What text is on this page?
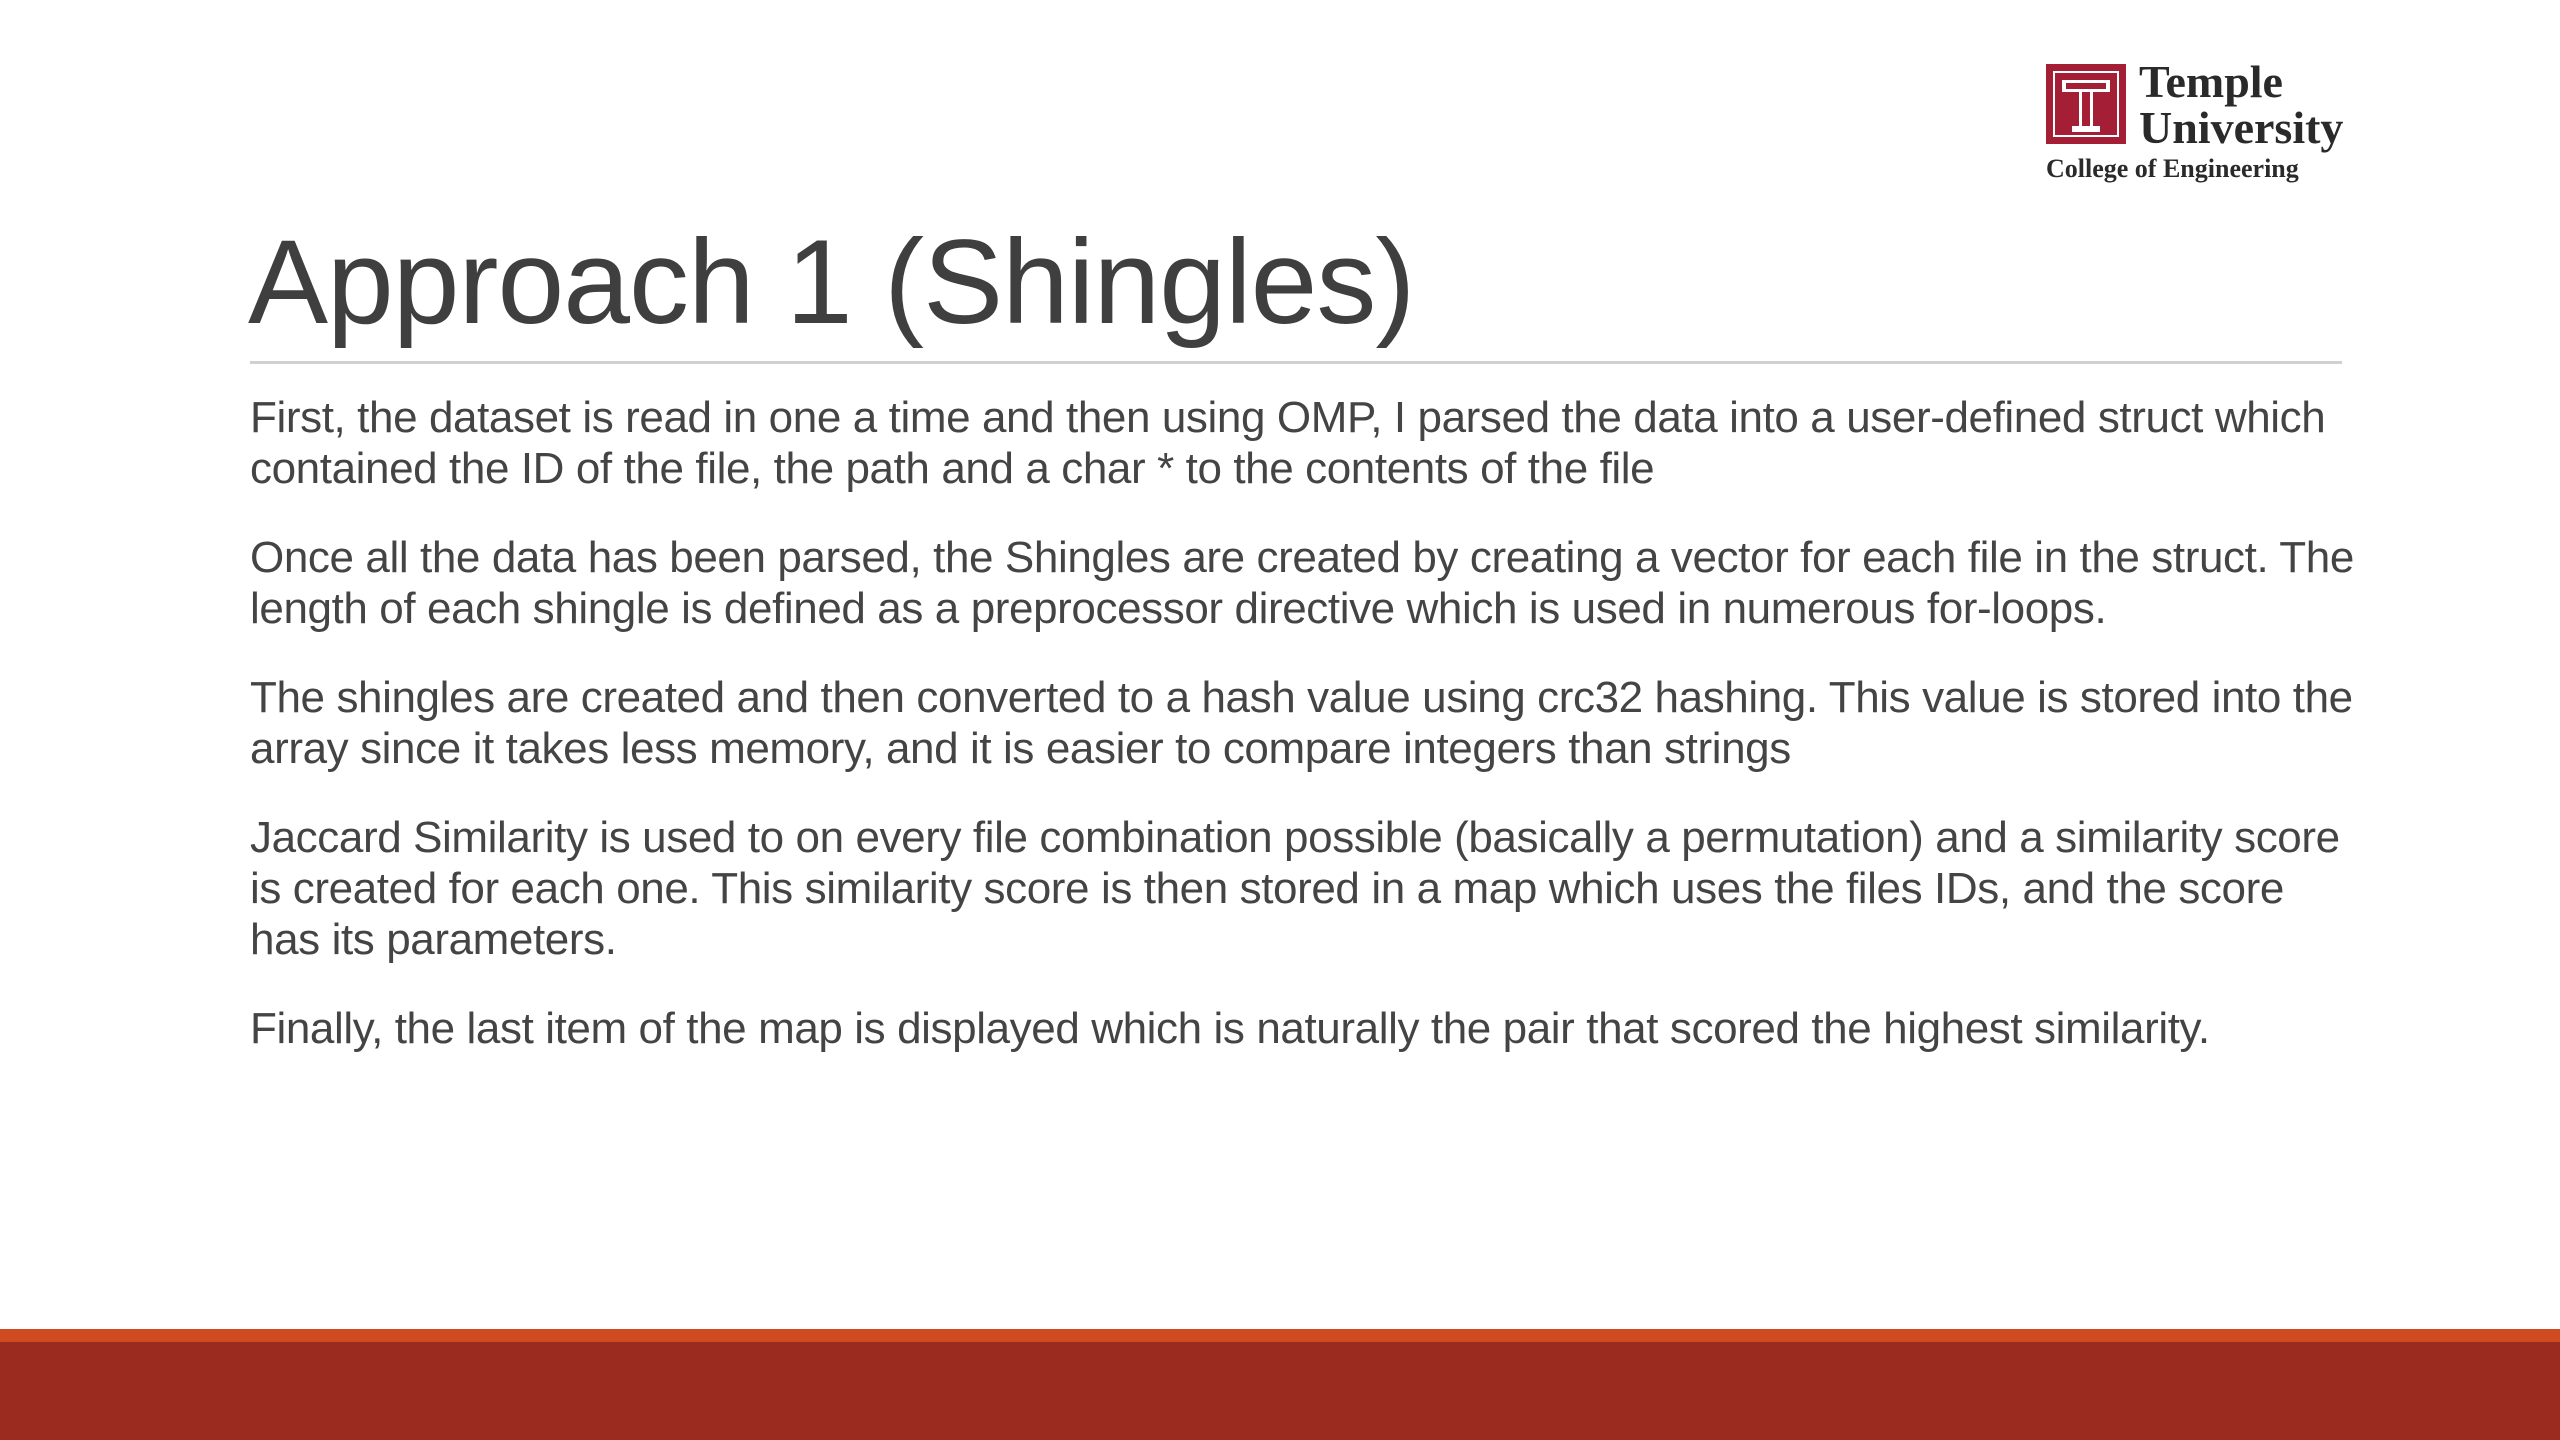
Temple
University
College of Engineering
Approach 1 (Shingles)

First, the dataset is read in one a time and then using OMP, I parsed the data into a user-defined struct which contained the ID of the file, the path and a char * to the contents of the file

Once all the data has been parsed, the Shingles are created by creating a vector for each file in the struct. The length of each shingle is defined as a preprocessor directive which is used in numerous for-loops.

The shingles are created and then converted to a hash value using crc32 hashing. This value is stored into the array since it takes less memory, and it is easier to compare integers than strings

Jaccard Similarity is used to on every file combination possible (basically a permutation) and a similarity score is created for each one. This similarity score is then stored in a map which uses the files IDs, and the score has its parameters.

Finally, the last item of the map is displayed which is naturally the pair that scored the highest similarity.
